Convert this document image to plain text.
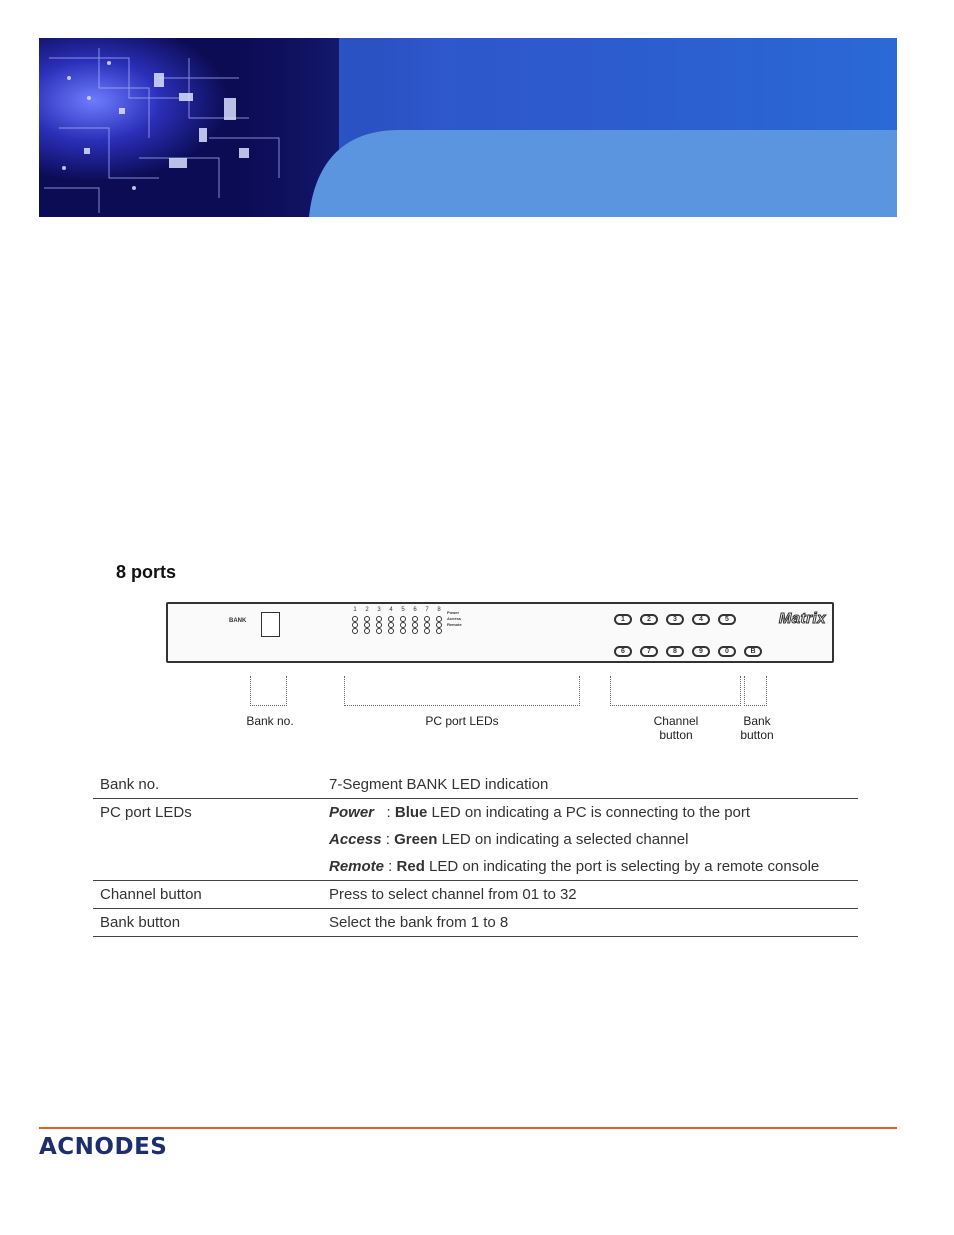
8 ports
BANK
1	2	3	4	5	6	7	8	Power
Access
Remote
1	2	3	4	5
6	7	8	9	0	B
Matrix
Bank no.	PC port LEDs	Channel
button
Bank
button
Bank no.	7-Segment BANK LED indication
PC port LEDs	Power   : Blue LED on indicating a PC is connecting to the port
Access : Green LED on indicating a selected channel
Remote : Red LED on indicating the port is selecting by a remote console

Channel button	Press to select channel from 01 to 32
Bank button	Select the bank from 1 to 8
ACNODES
